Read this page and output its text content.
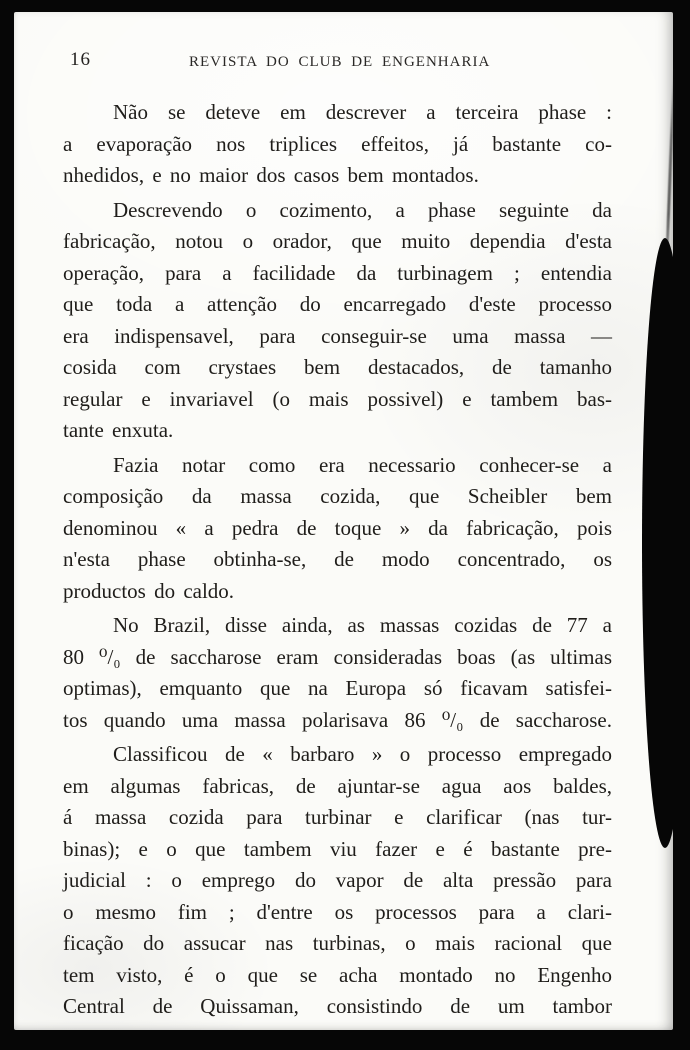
16	REVISTA DO CLUB DE ENGENHARIA
Não se deteve em descrever a terceira phase :
a evaporação nos triplices effeitos, já bastante co-
nhedidos, e no maior dos casos bem montados.
Descrevendo o cozimento, a phase seguinte da
fabricação, notou o orador, que muito dependia d'esta
operação, para a facilidade da turbinagem ; entendia
que toda a attenção do encarregado d'este processo
era indispensavel, para conseguir-se uma massa —
cosida com crystaes bem destacados, de tamanho
regular e invariavel (o mais possivel) e tambem bas-
tante enxuta.
Fazia notar como era necessario conhecer-se a
composição da massa cozida, que Scheibler bem
denominou « a pedra de toque » da fabricação, pois
n'esta phase obtinha-se, de modo concentrado, os
productos do caldo.
No Brazil, disse ainda, as massas cozidas de 77 a
80 ⁰/₀ de saccharose eram consideradas boas (as ultimas
optimas), emquanto que na Europa só ficavam satisfei-
tos quando uma massa polarisava 86 ⁰/₀ de saccharose.
Classificou de « barbaro » o processo empregado
em algumas fabricas, de ajuntar-se agua aos baldes,
á massa cozida para turbinar e clarificar (nas tur-
binas); e o que tambem viu fazer e é bastante pre-
judicial : o emprego do vapor de alta pressão para
o mesmo fim ; d'entre os processos para a clari-
ficação do assucar nas turbinas, o mais racional que
tem visto, é o que se acha montado no Engenho
Central de Quissaman, consistindo de um tambor
